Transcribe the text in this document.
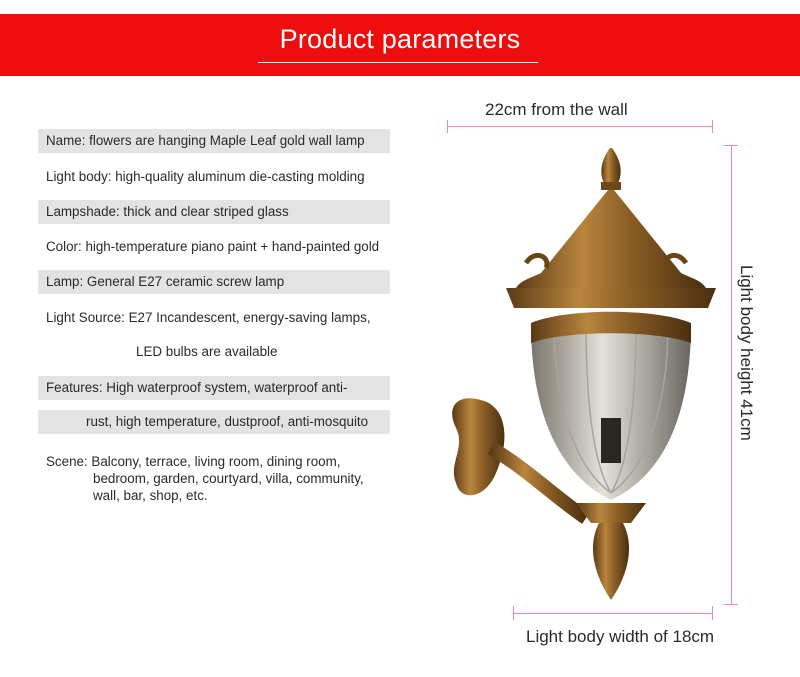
Product parameters
Name: flowers are hanging Maple Leaf gold wall lamp
Light body: high-quality aluminum die-casting molding
Lampshade: thick and clear striped glass
Color: high-temperature piano paint + hand-painted gold
Lamp: General E27 ceramic screw lamp
Light Source: E27 Incandescent, energy-saving lamps,
LED bulbs are available
Features: High waterproof system, waterproof anti-
rust, high temperature, dustproof, anti-mosquito
Scene: Balcony, terrace, living room, dining room,
bedroom, garden, courtyard, villa, community,
wall, bar, shop, etc.
22cm from the wall
Light body height 41cm
Light body width of 18cm
